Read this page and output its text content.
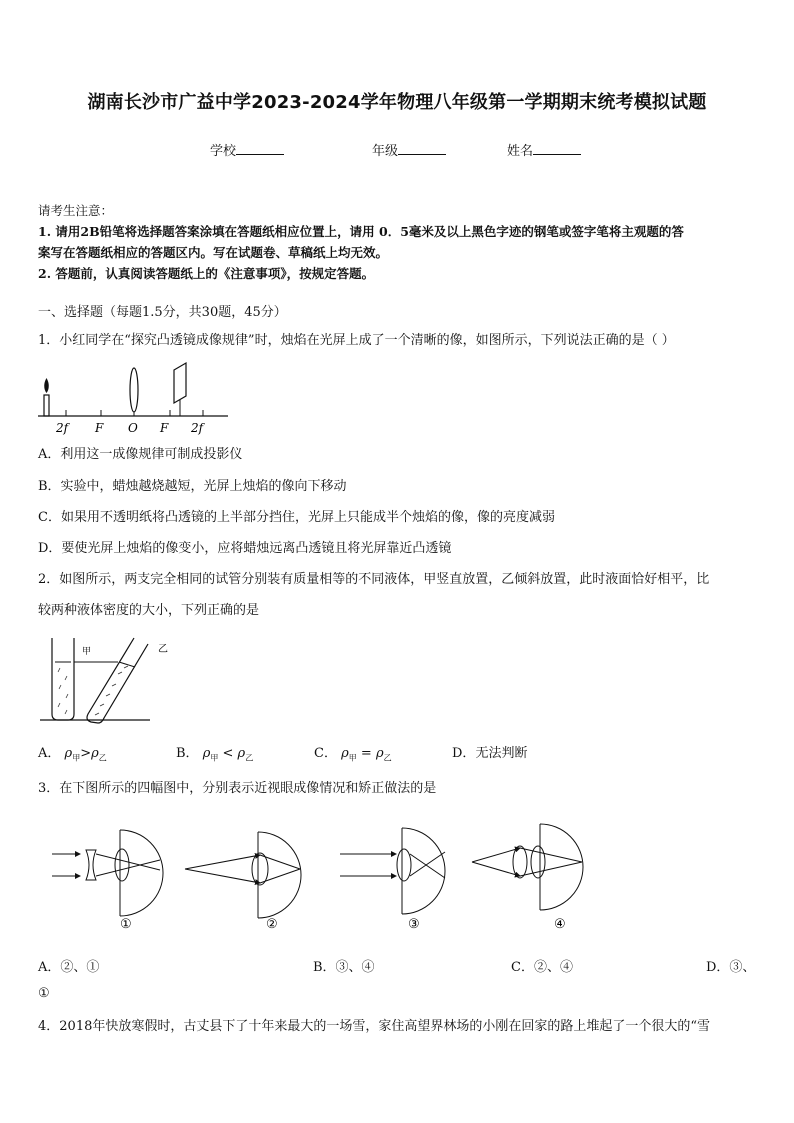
湖南长沙市广益中学2023-2024学年物理八年级第一学期期末统考模拟试题
学校	年级	姓名
请考生注意：
1. 请用2B铅笔将选择题答案涂填在答题纸相应位置上，请用 0．5毫米及以上黑色字迹的钢笔或签字笔将主观题的答
案写在答题纸相应的答题区内。写在试题卷、草稿纸上均无效。
2. 答题前，认真阅读答题纸上的《注意事项》，按规定答题。
一、选择题（每题1.5分，共30题，45分）
1．小红同学在“探究凸透镜成像规律”时，烛焰在光屏上成了一个清晰的像，如图所示，下列说法正确的是（ ）
2f F O F 2f
A．利用这一成像规律可制成投影仪
B．实验中，蜡烛越烧越短，光屏上烛焰的像向下移动
C．如果用不透明纸将凸透镜的上半部分挡住，光屏上只能成半个烛焰的像，像的亮度减弱
D．要使光屏上烛焰的像变小，应将蜡烛远离凸透镜且将光屏靠近凸透镜
2．如图所示，两支完全相同的试管分别装有质量相等的不同液体，甲竖直放置，乙倾斜放置，此时液面恰好相平，比
较两种液体密度的大小，下列正确的是
甲	乙
A． $\rho_甲>\rho_乙$	B． $\rho_甲 < \rho_乙$	C． $\rho_甲 = \rho_乙$	D．无法判断
3．在下图所示的四幅图中，分别表示近视眼成像情况和矫正做法的是
①	②	③	④
A．②、①	B．③、④	C．②、④	D．③、
①
4．2018年快放寒假时，古丈县下了十年来最大的一场雪，家住高望界林场的小刚在回家的路上堆起了一个很大的“雪
